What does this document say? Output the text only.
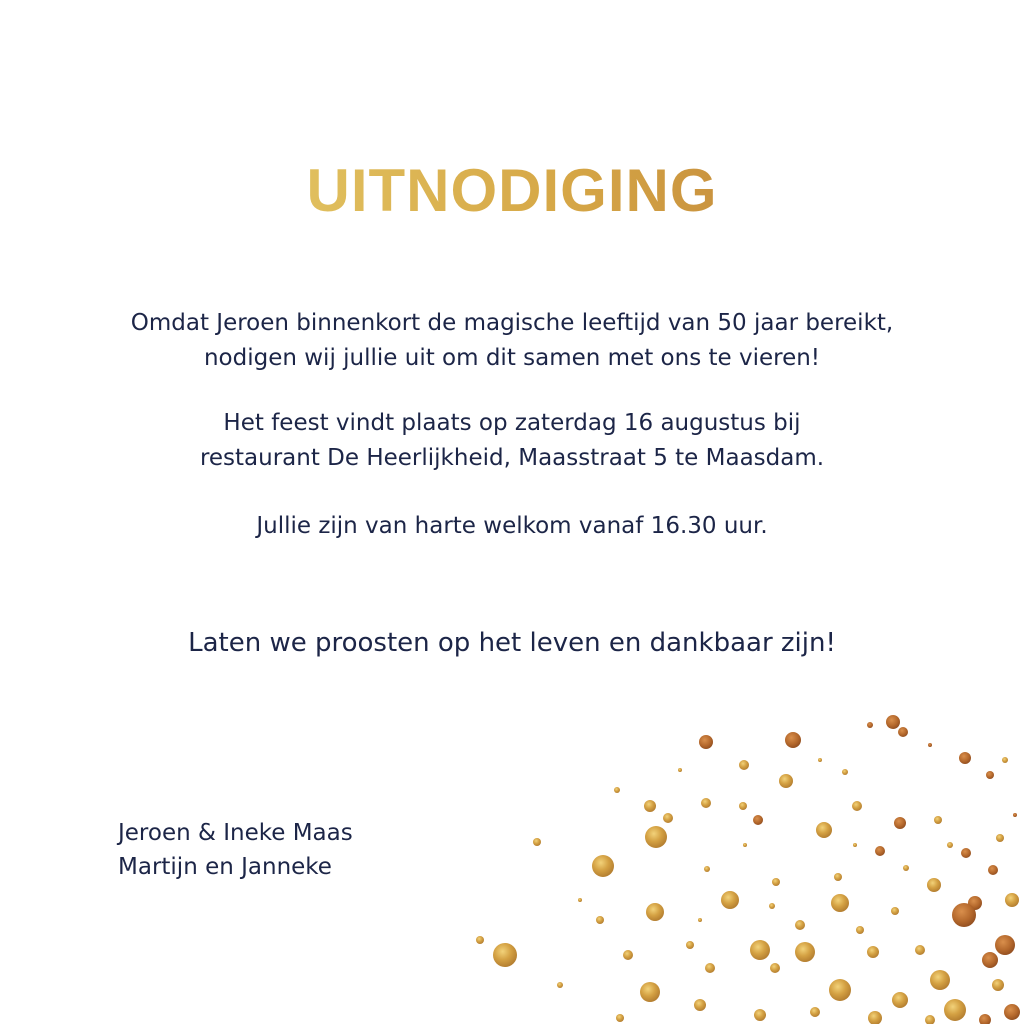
UITNODIGING

Omdat Jeroen binnenkort de magische leeftijd van 50 jaar bereikt,
nodigen wij jullie uit om dit samen met ons te vieren!

Het feest vindt plaats op zaterdag 16 augustus bij
restaurant De Heerlijkheid, Maasstraat 5 te Maasdam.

Jullie zijn van harte welkom vanaf 16.30 uur.

Laten we proosten op het leven en dankbaar zijn!
Jeroen & Ineke Maas
Martijn en Janneke
